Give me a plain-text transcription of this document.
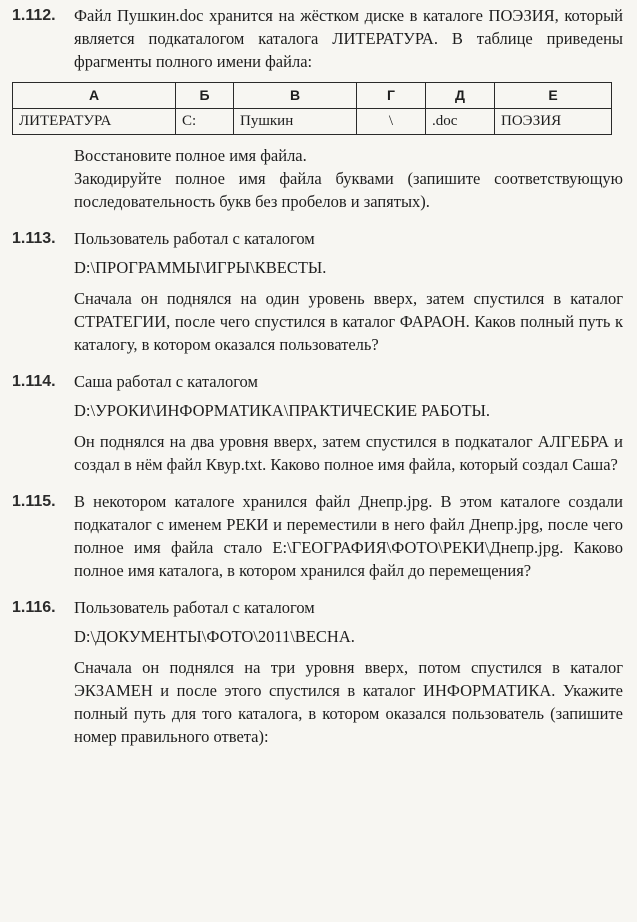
1.112. Файл Пушкин.doc хранится на жёстком диске в каталоге ПОЭЗИЯ, который является подкаталогом каталога ЛИТЕРАТУРА. В таблице приведены фрагменты полного имени файла:

А	Б	В	Г	Д	Е
ЛИТЕРАТУРА	С:	Пушкин	\	.doc	ПОЭЗИЯ

Восстановите полное имя файла.

Закодируйте полное имя файла буквами (запишите соответствующую последовательность букв без пробелов и запятых).

1.113. Пользователь работал с каталогом

D:\ПРОГРАММЫ\ИГРЫ\КВЕСТЫ.

Сначала он поднялся на один уровень вверх, затем спустился в каталог СТРАТЕГИИ, после чего спустился в каталог ФАРАОН. Каков полный путь к каталогу, в котором оказался пользователь?

1.114. Саша работал с каталогом

D:\УРОКИ\ИНФОРМАТИКА\ПРАКТИЧЕСКИЕ РАБОТЫ.

Он поднялся на два уровня вверх, затем спустился в подкаталог АЛГЕБРА и создал в нём файл Квур.txt. Каково полное имя файла, который создал Саша?

1.115. В некотором каталоге хранился файл Днепр.jpg. В этом каталоге создали подкаталог с именем РЕКИ и переместили в него файл Днепр.jpg, после чего полное имя файла стало E:\ГЕОГРАФИЯ\ФОТО\РЕКИ\Днепр.jpg. Каково полное имя каталога, в котором хранился файл до перемещения?

1.116. Пользователь работал с каталогом

D:\ДОКУМЕНТЫ\ФОТО\2011\ВЕСНА.

Сначала он поднялся на три уровня вверх, потом спустился в каталог ЭКЗАМЕН и после этого спустился в каталог ИНФОРМАТИКА. Укажите полный путь для того каталога, в котором оказался пользователь (запишите номер правильного ответа):
